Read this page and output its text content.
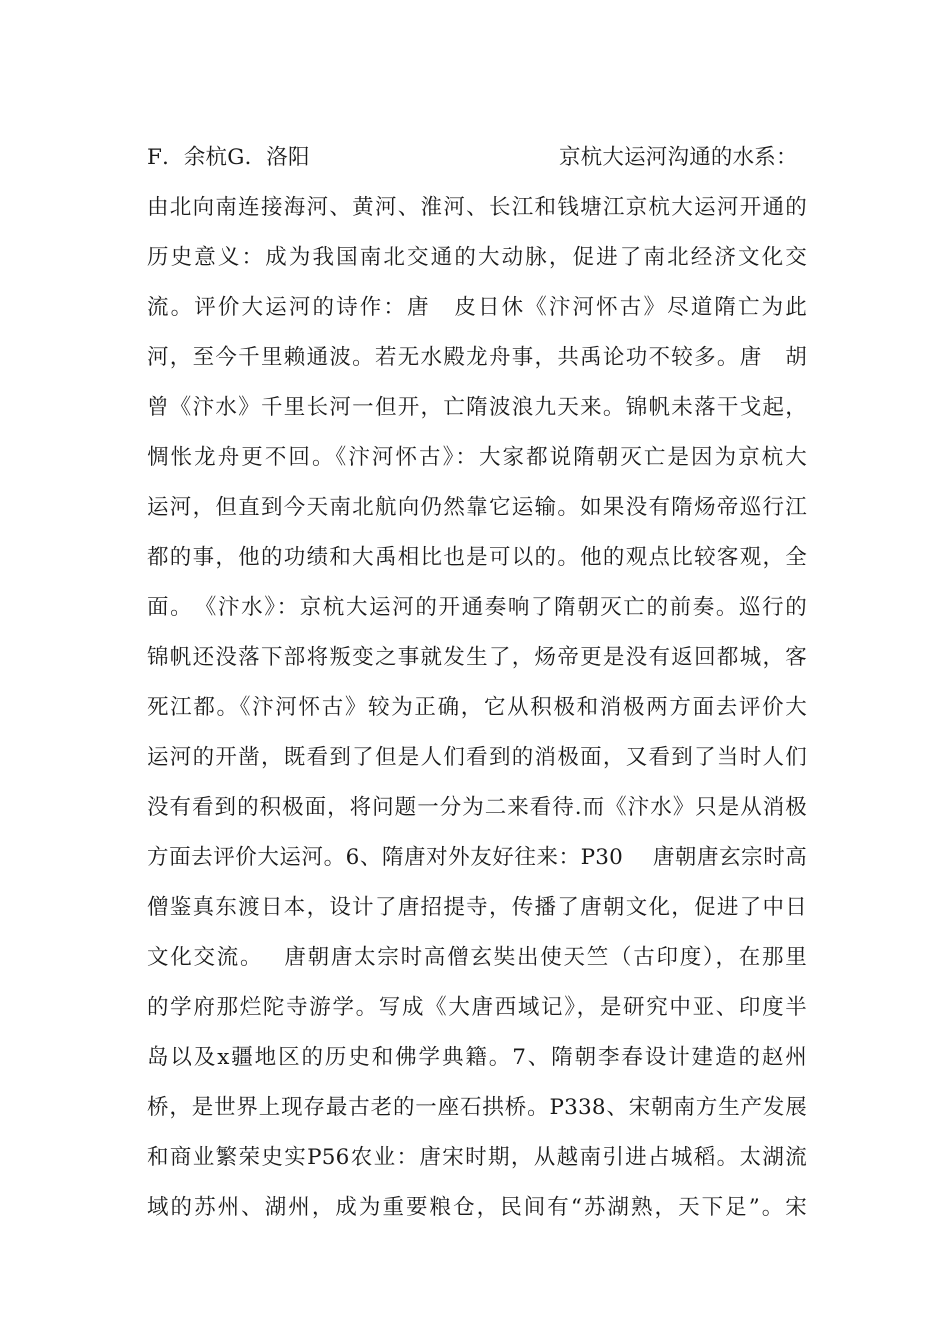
F．余杭G．洛阳	京杭大运河沟通的水系：
由北向南连接海河、黄河、淮河、长江和钱塘江京杭大运河开通的
历史意义：成为我国南北交通的大动脉，促进了南北经济文化交
流。评价大运河的诗作：唐　皮日休《汴河怀古》尽道隋亡为此
河，至今千里赖通波。若无水殿龙舟事，共禹论功不较多。唐　胡
曾《汴水》千里长河一但开，亡隋波浪九天来。锦帆未落干戈起，
惆怅龙舟更不回。《汴河怀古》：大家都说隋朝灭亡是因为京杭大
运河，但直到今天南北航向仍然靠它运输。如果没有隋炀帝巡行江
都的事，他的功绩和大禹相比也是可以的。他的观点比较客观，全
面。　《汴水》：京杭大运河的开通奏响了隋朝灭亡的前奏。巡行的
锦帆还没落下部将叛变之事就发生了，炀帝更是没有返回都城，客
死江都。《汴河怀古》较为正确，它从积极和消极两方面去评价大
运河的开凿，既看到了但是人们看到的消极面，又看到了当时人们
没有看到的积极面，将问题一分为二来看待.而《汴水》只是从消极
方面去评价大运河。6、隋唐对外友好往来：P30　 唐朝唐玄宗时高
僧鉴真东渡日本，设计了唐招提寺，传播了唐朝文化，促进了中日
文化交流。　 唐朝唐太宗时高僧玄奘出使天竺（古印度），在那里
的学府那烂陀寺游学。写成《大唐西域记》，是研究中亚、印度半
岛以及x疆地区的历史和佛学典籍。7、隋朝李春设计建造的赵州
桥，是世界上现存最古老的一座石拱桥。P338、宋朝南方生产发展
和商业繁荣史实P56农业：唐宋时期，从越南引进占城稻。太湖流
域的苏州、湖州，成为重要粮仓，民间有“苏湖熟，天下足”。宋
